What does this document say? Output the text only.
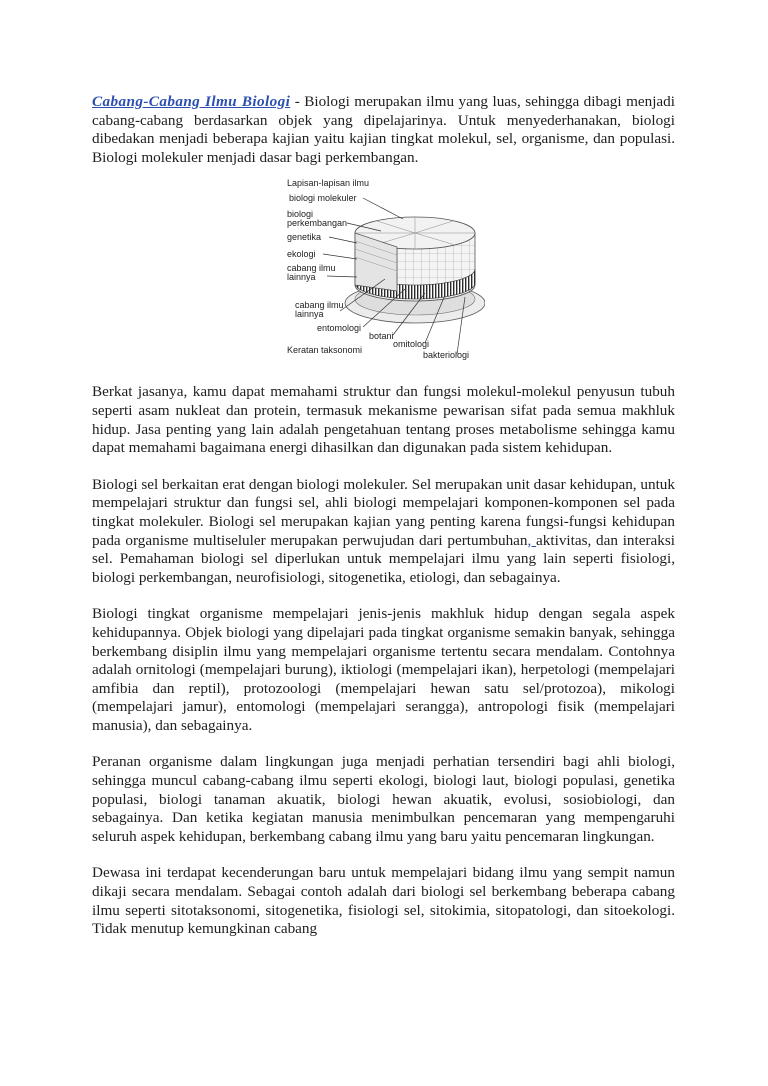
Cabang-Cabang Ilmu Biologi - Biologi merupakan ilmu yang luas, sehingga dibagi menjadi cabang-cabang berdasarkan objek yang dipelajarinya. Untuk menyederhanakan, biologi dibedakan menjadi beberapa kajian yaitu kajian tingkat molekul, sel, organisme, dan populasi. Biologi molekuler menjadi dasar bagi perkembangan.

Lapisan-lapisan ilmu
biologi molekuler
biologi
perkembangan
genetika
ekologi
cabang ilmu
lainnya
cabang ilmu
lainnya
entomologi
botani
omitologi
bakteriologi
Keratan taksonomi

Berkat jasanya, kamu dapat memahami struktur dan fungsi molekul-molekul penyusun tubuh seperti asam nukleat dan protein, termasuk mekanisme pewarisan sifat pada semua makhluk hidup. Jasa penting yang lain adalah pengetahuan tentang proses metabolisme sehingga kamu dapat memahami bagaimana energi dihasilkan dan digunakan pada sistem kehidupan.

Biologi sel berkaitan erat dengan biologi molekuler. Sel merupakan unit dasar kehidupan, untuk mempelajari struktur dan fungsi sel, ahli biologi mempelajari komponen-komponen sel pada tingkat molekuler. Biologi sel merupakan kajian yang penting karena fungsi-fungsi kehidupan pada organisme multiseluler merupakan perwujudan dari pertumbuhan, aktivitas, dan interaksi sel. Pemahaman biologi sel diperlukan untuk mempelajari ilmu yang lain seperti fisiologi, biologi perkembangan, neurofisiologi, sitogenetika, etiologi, dan sebagainya.

Biologi tingkat organisme mempelajari jenis-jenis makhluk hidup dengan segala aspek kehidupannya. Objek biologi yang dipelajari pada tingkat organisme semakin banyak, sehingga berkembang disiplin ilmu yang mempelajari organisme tertentu secara mendalam. Contohnya adalah ornitologi (mempelajari burung), iktiologi (mempelajari ikan), herpetologi (mempelajari amfibia dan reptil), protozoologi (mempelajari hewan satu sel/protozoa), mikologi (mempelajari jamur), entomologi (mempelajari serangga), antropologi fisik (mempelajari manusia), dan sebagainya.

Peranan organisme dalam lingkungan juga menjadi perhatian tersendiri bagi ahli biologi, sehingga muncul cabang-cabang ilmu seperti ekologi, biologi laut, biologi populasi, genetika populasi, biologi tanaman akuatik, biologi hewan akuatik, evolusi, sosiobiologi, dan sebagainya. Dan ketika kegiatan manusia menimbulkan pencemaran yang mempengaruhi seluruh aspek kehidupan, berkembang cabang ilmu yang baru yaitu pencemaran lingkungan.

Dewasa ini terdapat kecenderungan baru untuk mempelajari bidang ilmu yang sempit namun dikaji secara mendalam. Sebagai contoh adalah dari biologi sel berkembang beberapa cabang ilmu seperti sitotaksonomi, sitogenetika, fisiologi sel, sitokimia, sitopatologi, dan sitoekologi. Tidak menutup kemungkinan cabang
